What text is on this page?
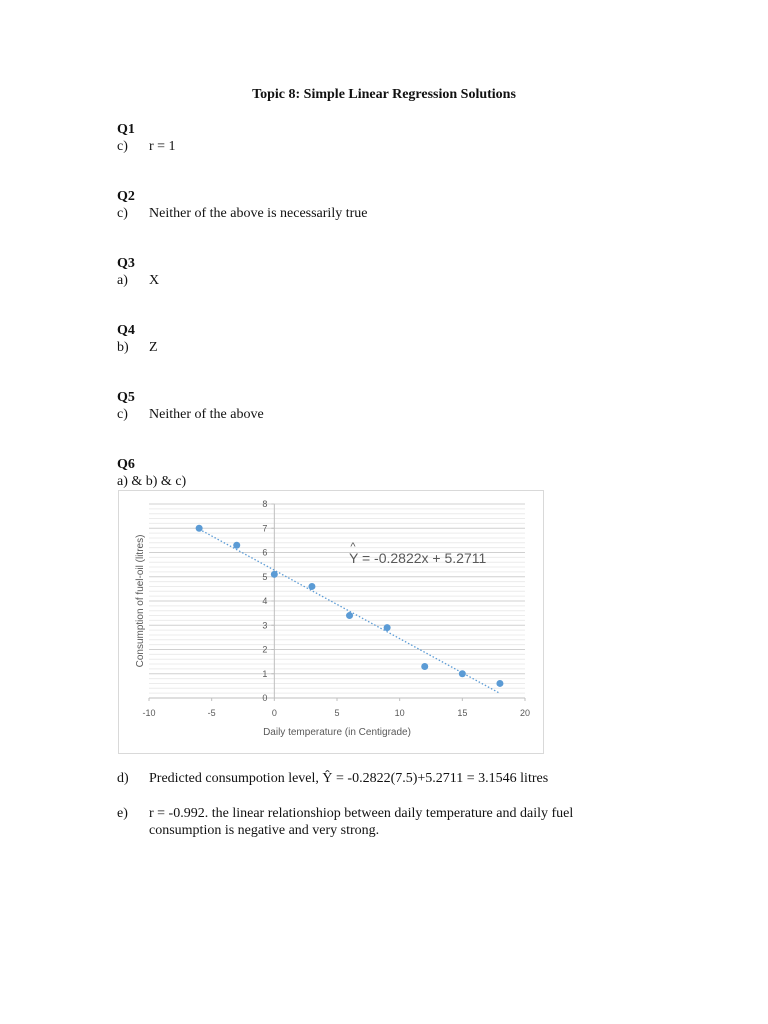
Topic 8: Simple Linear Regression Solutions
Q1
c) r = 1
Q2
c) Neither of the above is necessarily true
Q3
a) X
Q4
b) Z
Q5
c) Neither of the above
Q6
a) & b) & c)
0
1
2
3
4
5
6
7
8
-10	-5	0	5	10	15	20
Daily temperature (in Centigrade)
Consumption of fuel-oil (litres)	^
Y = -0.2822x + 5.2711
d) Predicted consumpotion level, Ŷ = -0.2822(7.5)+5.2711 = 3.1546 litres
e) r = -0.992. the linear relationshiop between daily temperature and daily fuel consumption is negative and very strong.
